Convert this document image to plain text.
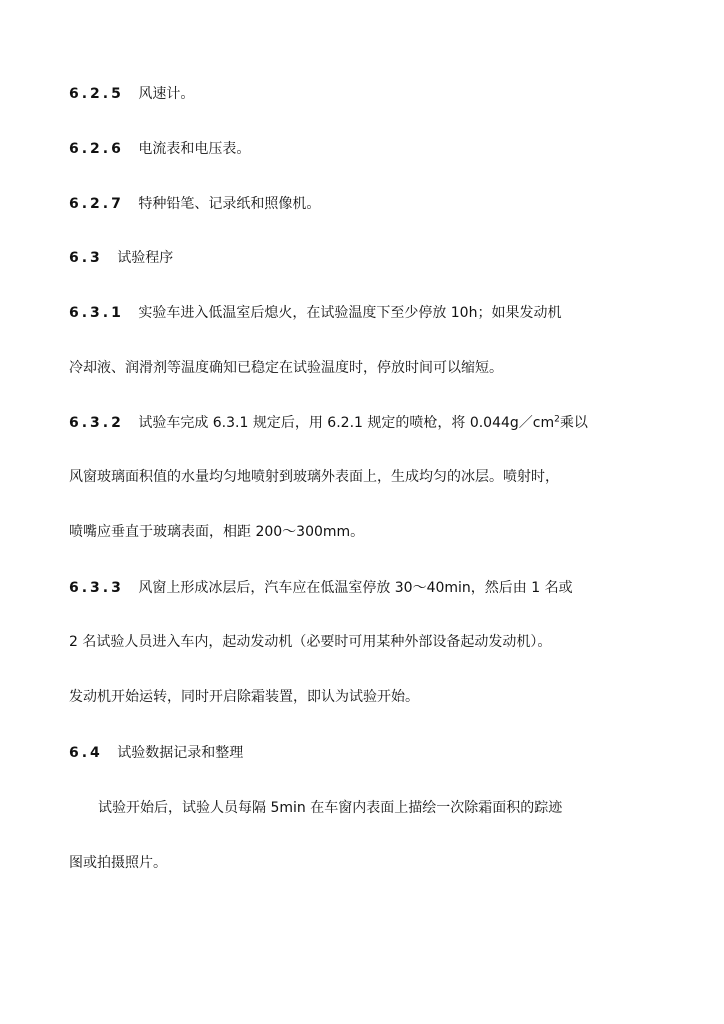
6.2.5 风速计。
6.2.6 电流表和电压表。
6.2.7 特种铅笔、记录纸和照像机。
6.3 试验程序
6.3.1 实验车进入低温室后熄火，在试验温度下至少停放 10h；如果发动机
冷却液、润滑剂等温度确知已稳定在试验温度时，停放时间可以缩短。
6.3.2 试验车完成 6.3.1 规定后，用 6.2.1 规定的喷枪，将 $0.044g/cm^2$乘以
风窗玻璃面积值的水量均匀地喷射到玻璃外表面上，生成均匀的冰层。喷射时，
喷嘴应垂直于玻璃表面，相距 200～300mm。
6.3.3 风窗上形成冰层后，汽车应在低温室停放 30～40min，然后由 1 名或
2 名试验人员进入车内，起动发动机（必要时可用某种外部设备起动发动机）。
发动机开始运转，同时开启除霜装置，即认为试验开始。
6.4 试验数据记录和整理
试验开始后，试验人员每隔 5min 在车窗内表面上描绘一次除霜面积的踪迹
图或拍摄照片。
